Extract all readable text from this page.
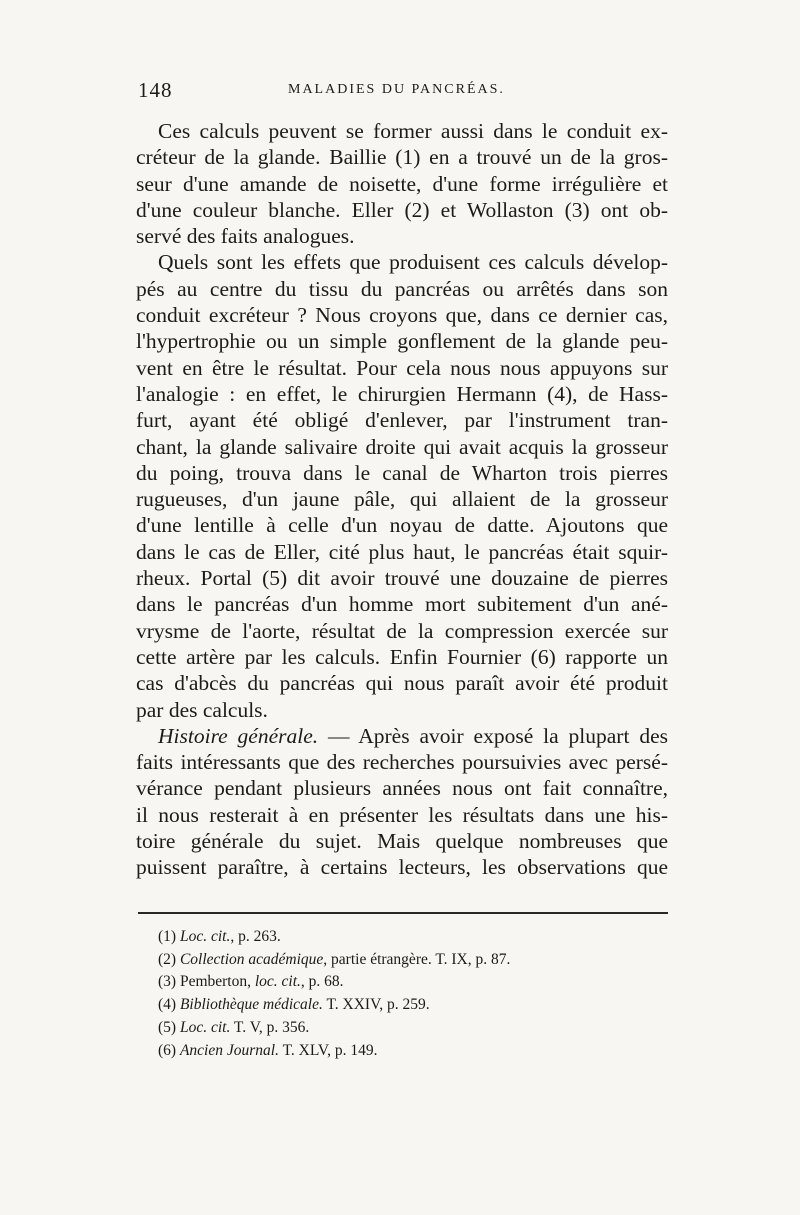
148	MALADIES DU PANCRÉAS.
Ces calculs peuvent se former aussi dans le conduit ex-
créteur de la glande. Baillie (1) en a trouvé un de la gros-
seur d'une amande de noisette, d'une forme irrégulière et
d'une couleur blanche. Eller (2) et Wollaston (3) ont ob-
servé des faits analogues.
Quels sont les effets que produisent ces calculs dévelop-
pés au centre du tissu du pancréas ou arrêtés dans son
conduit excréteur ? Nous croyons que, dans ce dernier cas,
l'hypertrophie ou un simple gonflement de la glande peu-
vent en être le résultat. Pour cela nous nous appuyons sur
l'analogie : en effet, le chirurgien Hermann (4), de Hass-
furt, ayant été obligé d'enlever, par l'instrument tran-
chant, la glande salivaire droite qui avait acquis la grosseur
du poing, trouva dans le canal de Wharton trois pierres
rugueuses, d'un jaune pâle, qui allaient de la grosseur
d'une lentille à celle d'un noyau de datte. Ajoutons que
dans le cas de Eller, cité plus haut, le pancréas était squir-
rheux. Portal (5) dit avoir trouvé une douzaine de pierres
dans le pancréas d'un homme mort subitement d'un ané-
vrysme de l'aorte, résultat de la compression exercée sur
cette artère par les calculs. Enfin Fournier (6) rapporte un
cas d'abcès du pancréas qui nous paraît avoir été produit
par des calculs.
Histoire générale. — Après avoir exposé la plupart des
faits intéressants que des recherches poursuivies avec persé-
vérance pendant plusieurs années nous ont fait connaître,
il nous resterait à en présenter les résultats dans une his-
toire générale du sujet. Mais quelque nombreuses que
puissent paraître, à certains lecteurs, les observations que
(1) Loc. cit., p. 263.
(2) Collection académique, partie étrangère. T. IX, p. 87.
(3) Pemberton, loc. cit., p. 68.
(4) Bibliothèque médicale. T. XXIV, p. 259.
(5) Loc. cit. T. V, p. 356.
(6) Ancien Journal. T. XLV, p. 149.
